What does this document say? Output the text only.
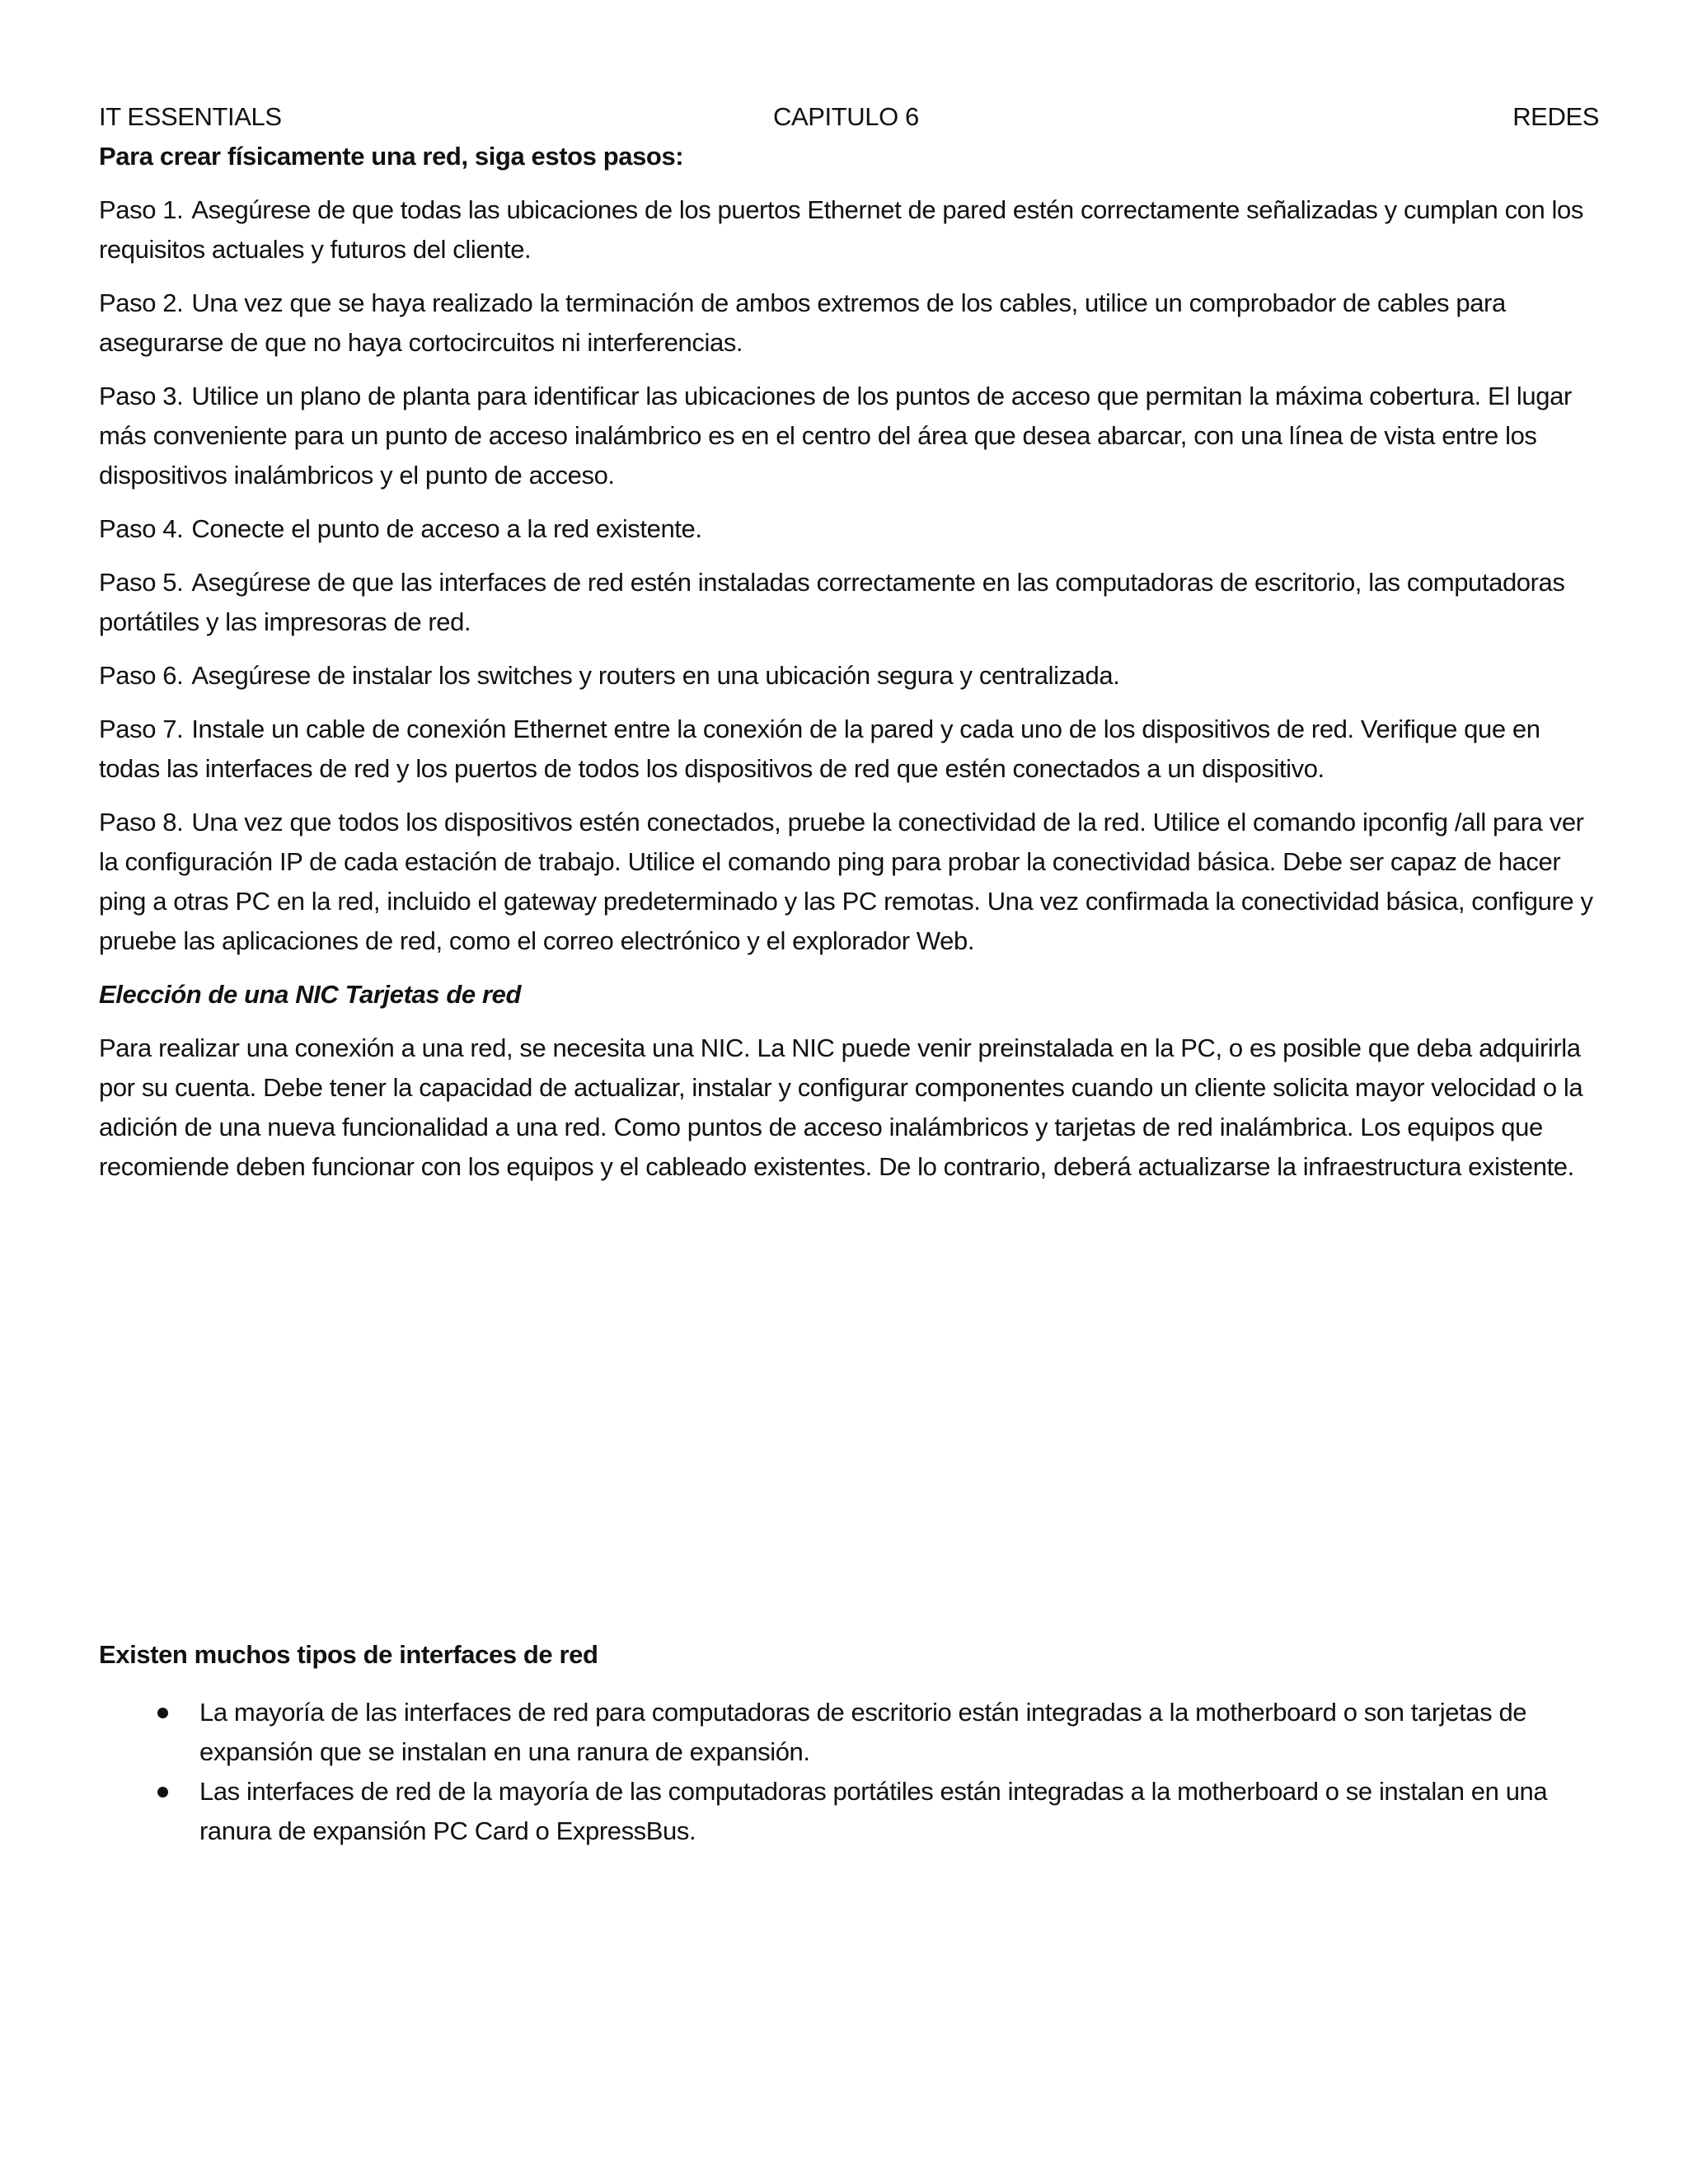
IT ESSENTIALS	CAPITULO 6	REDES
Para crear físicamente una red, siga estos pasos:
Paso 1. Asegúrese de que todas las ubicaciones de los puertos Ethernet de pared estén correctamente señalizadas y cumplan con los requisitos actuales y futuros del cliente.
Paso 2. Una vez que se haya realizado la terminación de ambos extremos de los cables, utilice un comprobador de cables para asegurarse de que no haya cortocircuitos ni interferencias.
Paso 3. Utilice un plano de planta para identificar las ubicaciones de los puntos de acceso que permitan la máxima cobertura. El lugar más conveniente para un punto de acceso inalámbrico es en el centro del área que desea abarcar, con una línea de vista entre los dispositivos inalámbricos y el punto de acceso.
Paso 4. Conecte el punto de acceso a la red existente.
Paso 5. Asegúrese de que las interfaces de red estén instaladas correctamente en las computadoras de escritorio, las computadoras portátiles y las impresoras de red.
Paso 6. Asegúrese de instalar los switches y routers en una ubicación segura y centralizada.
Paso 7. Instale un cable de conexión Ethernet entre la conexión de la pared y cada uno de los dispositivos de red. Verifique que en todas las interfaces de red y los puertos de todos los dispositivos de red que estén conectados a un dispositivo.
Paso 8. Una vez que todos los dispositivos estén conectados, pruebe la conectividad de la red. Utilice el comando ipconfig /all para ver la configuración IP de cada estación de trabajo. Utilice el comando ping para probar la conectividad básica. Debe ser capaz de hacer ping a otras PC en la red, incluido el gateway predeterminado y las PC remotas. Una vez confirmada la conectividad básica, configure y pruebe las aplicaciones de red, como el correo electrónico y el explorador Web.
Elección de una NIC Tarjetas de red
Para realizar una conexión a una red, se necesita una NIC. La NIC puede venir preinstalada en la PC, o es posible que deba adquirirla por su cuenta. Debe tener la capacidad de actualizar, instalar y configurar componentes cuando un cliente solicita mayor velocidad o la adición de una nueva funcionalidad a una red. Como puntos de acceso inalámbricos y tarjetas de red inalámbrica. Los equipos que recomiende deben funcionar con los equipos y el cableado existentes. De lo contrario, deberá actualizarse la infraestructura existente.
Existen muchos tipos de interfaces de red
La mayoría de las interfaces de red para computadoras de escritorio están integradas a la motherboard o son tarjetas de expansión que se instalan en una ranura de expansión.
Las interfaces de red de la mayoría de las computadoras portátiles están integradas a la motherboard o se instalan en una ranura de expansión PC Card o ExpressBus.
